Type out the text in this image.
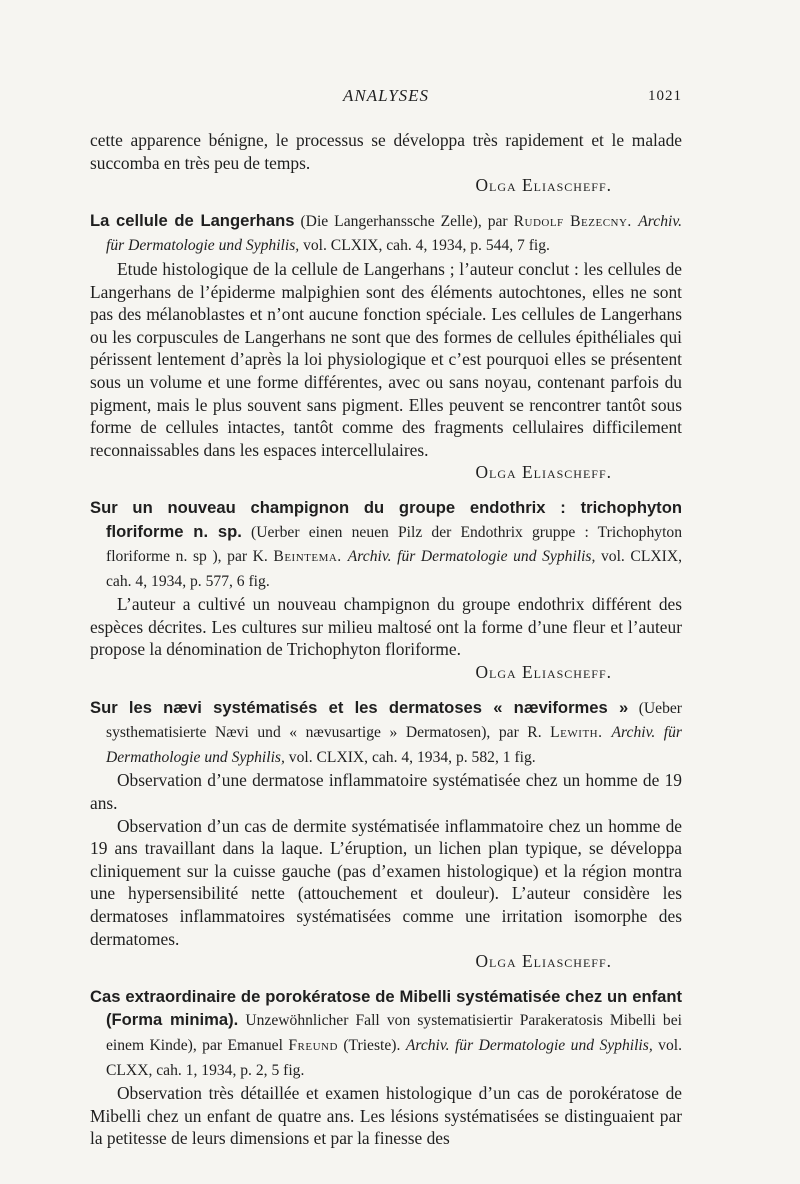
ANALYSES	1021

cette apparence bénigne, le processus se développa très rapidement et le malade succomba en très peu de temps.

Olga Eliascheff.

La cellule de Langerhans (Die Langerhanssche Zelle), par Rudolf Bezecny. Archiv. für Dermatologie und Syphilis, vol. CLXIX, cah. 4, 1934, p. 544, 7 fig.

Etude histologique de la cellule de Langerhans ; l’auteur conclut : les cellules de Langerhans de l’épiderme malpighien sont des éléments autochtones, elles ne sont pas des mélanoblastes et n’ont aucune fonction spéciale. Les cellules de Langerhans ou les corpuscules de Langerhans ne sont que des formes de cellules épithéliales qui périssent lentement d’après la loi physiologique et c’est pourquoi elles se présentent sous un volume et une forme différentes, avec ou sans noyau, contenant parfois du pigment, mais le plus souvent sans pigment. Elles peuvent se rencontrer tantôt sous forme de cellules intactes, tantôt comme des fragments cellulaires difficilement reconnaissables dans les espaces intercellulaires.

Olga Eliascheff.

Sur un nouveau champignon du groupe endothrix : trichophyton floriforme n. sp. (Uerber einen neuen Pilz der Endothrix gruppe : Trichophyton floriforme n. sp ), par K. Beintema. Archiv. für Dermatologie und Syphilis, vol. CLXIX, cah. 4, 1934, p. 577, 6 fig.

L’auteur a cultivé un nouveau champignon du groupe endothrix différent des espèces décrites. Les cultures sur milieu maltosé ont la forme d’une fleur et l’auteur propose la dénomination de Trichophyton floriforme.

Olga Eliascheff.

Sur les nævi systématisés et les dermatoses « næviformes » (Ueber systhematisierte Nævi und « nævusartige » Dermatosen), par R. Lewith. Archiv. für Dermathologie und Syphilis, vol. CLXIX, cah. 4, 1934, p. 582, 1 fig.

Observation d’une dermatose inflammatoire systématisée chez un homme de 19 ans.

Observation d’un cas de dermite systématisée inflammatoire chez un homme de 19 ans travaillant dans la laque. L’éruption, un lichen plan typique, se développa cliniquement sur la cuisse gauche (pas d’examen histologique) et la région montra une hypersensibilité nette (attouchement et douleur). L’auteur considère les dermatoses inflammatoires systématisées comme une irritation isomorphe des dermatomes.

Olga Eliascheff.

Cas extraordinaire de porokératose de Mibelli systématisée chez un enfant (Forma minima). Unzewöhnlicher Fall von systematisiertir Parakeratosis Mibelli bei einem Kinde), par Emanuel Freund (Trieste). Archiv. für Dermatologie und Syphilis, vol. CLXX, cah. 1, 1934, p. 2, 5 fig.

Observation très détaillée et examen histologique d’un cas de porokératose de Mibelli chez un enfant de quatre ans. Les lésions systématisées se distinguaient par la petitesse de leurs dimensions et par la finesse des
